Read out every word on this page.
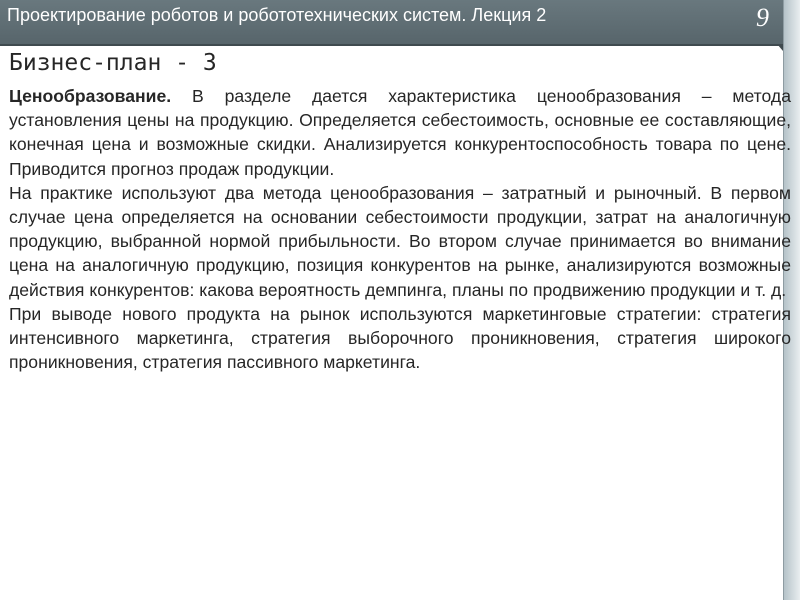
Проектирование роботов и робототехнических систем. Лекция 2	9
Бизнес-план - 3

Ценообразование. В разделе дается характеристика ценообразования – метода установления цены на продукцию. Определяется себестоимость, основные ее составляющие, конечная цена и возможные скидки. Анализируется конкурентоспособность товара по цене. Приводится прогноз продаж продукции.

На практике используют два метода ценообразования – затратный и рыночный. В первом случае цена определяется на основании себестоимости продукции, затрат на аналогичную продукцию, выбранной нормой прибыльности. Во втором случае принимается во внимание цена на аналогичную продукцию, позиция конкурентов на рынке, анализируются возможные действия конкурентов: какова вероятность демпинга, планы по продвижению продукции и т. д.

При выводе нового продукта на рынок используются маркетинговые стратегии: стратегия интенсивного маркетинга, стратегия выборочного проникновения, стратегия широкого проникновения, стратегия пассивного маркетинга.
